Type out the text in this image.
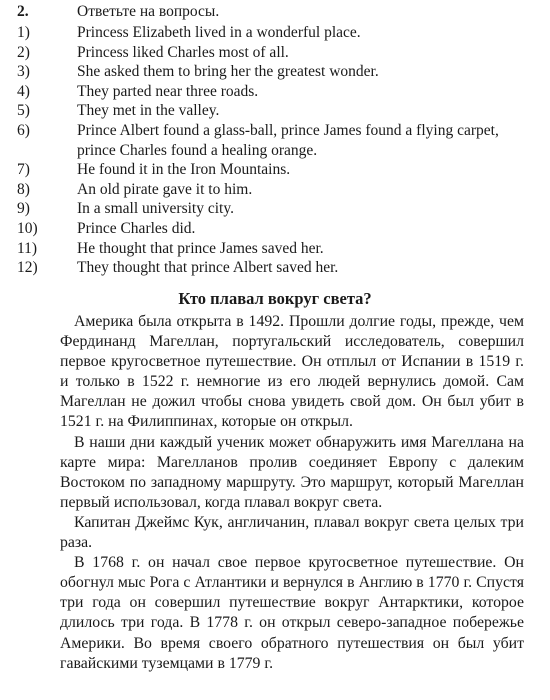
2.	Ответьте на вопросы.
1)	Princess Elizabeth lived in a wonderful place.
2)	Princess liked Charles most of all.
3)	She asked them to bring her the greatest wonder.
4)	They parted near three roads.
5)	They met in the valley.
6)	Prince Albert found a glass-ball, prince James found a flying carpet, prince Charles found a healing orange.
7)	He found it in the Iron Mountains.
8)	An old pirate gave it to him.
9)	In a small university city.
10)	Prince Charles did.
11)	He thought that prince James saved her.
12)	They thought that prince Albert saved her.
Кто плавал вокруг света?

Америка была открыта в 1492. Прошли долгие годы, прежде, чем Фердинанд Магеллан, португальский исследователь, совершил первое кругосветное путешествие. Он отплыл от Испании в 1519 г. и только в 1522 г. немногие из его людей вернулись домой. Сам Магеллан не дожил чтобы снова увидеть свой дом. Он был убит в 1521 г. на Филиппинах, которые он открыл.

В наши дни каждый ученик может обнаружить имя Магеллана на карте мира: Магелланов пролив соединяет Европу с далеким Востоком по западному маршруту. Это маршрут, который Магеллан первый использовал, когда плавал вокруг света.

Капитан Джеймс Кук, англичанин, плавал вокруг света целых три раза.

В 1768 г. он начал свое первое кругосветное путешествие. Он обогнул мыс Рога с Атлантики и вернулся в Англию в 1770 г. Спустя три года он совершил путешествие вокруг Антарктики, которое длилось три года. В 1778 г. он открыл северо-западное побережье Америки. Во время своего обратного путешествия он был убит гавайскими туземцами в 1779 г.
